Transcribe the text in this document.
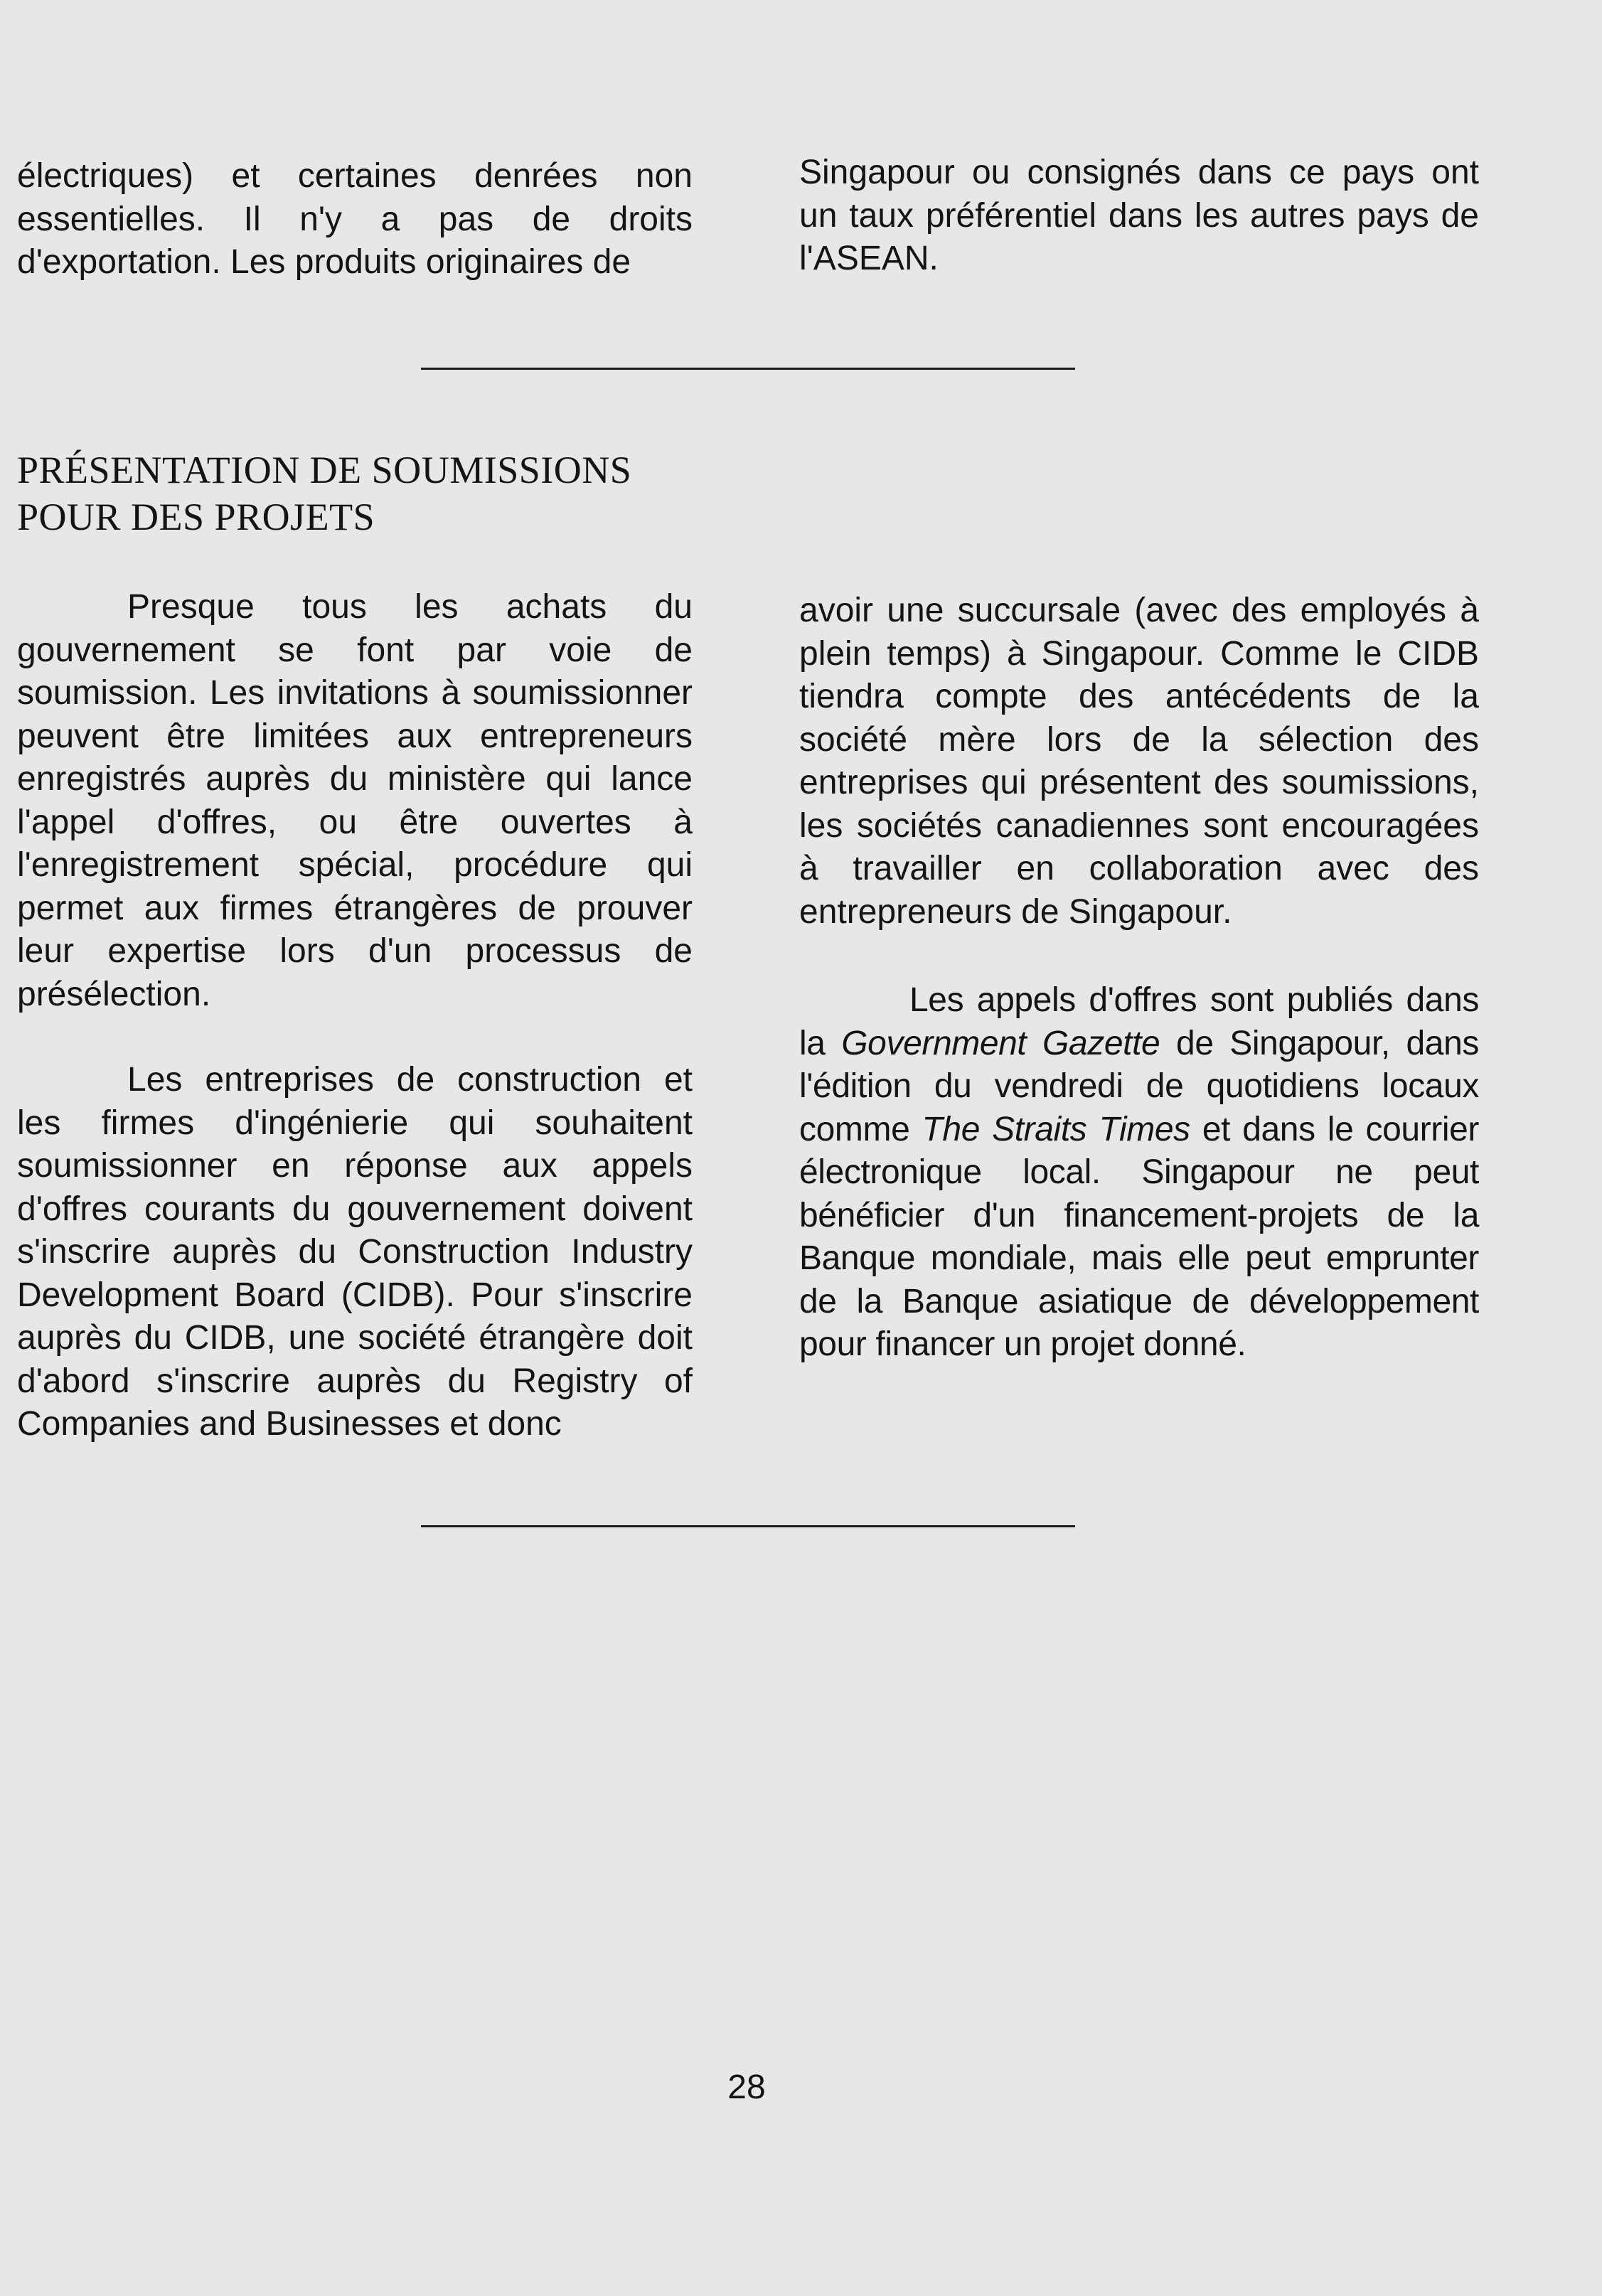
électriques) et certaines denrées non essentielles. Il n'y a pas de droits d'exportation. Les produits originaires de

Singapour ou consignés dans ce pays ont un taux préférentiel dans les autres pays de l'ASEAN.

PRÉSENTATION DE SOUMISSIONS
POUR DES PROJETS

Presque tous les achats du gouvernement se font par voie de soumission. Les invitations à soumissionner peuvent être limitées aux entrepreneurs enregistrés auprès du ministère qui lance l'appel d'offres, ou être ouvertes à l'enregistrement spécial, procédure qui permet aux firmes étrangères de prouver leur expertise lors d'un processus de présélection.

Les entreprises de construction et les firmes d'ingénierie qui souhaitent soumissionner en réponse aux appels d'offres courants du gouvernement doivent s'inscrire auprès du Construction Industry Development Board (CIDB). Pour s'inscrire auprès du CIDB, une société étrangère doit d'abord s'inscrire auprès du Registry of Companies and Businesses et donc

avoir une succursale (avec des employés à plein temps) à Singapour. Comme le CIDB tiendra compte des antécédents de la société mère lors de la sélection des entreprises qui présentent des soumissions, les sociétés canadiennes sont encouragées à travailler en collaboration avec des entrepreneurs de Singapour.

Les appels d'offres sont publiés dans la Government Gazette de Singapour, dans l'édition du vendredi de quotidiens locaux comme The Straits Times et dans le courrier électronique local. Singapour ne peut bénéficier d'un financement-projets de la Banque mondiale, mais elle peut emprunter de la Banque asiatique de développement pour financer un projet donné.

28
